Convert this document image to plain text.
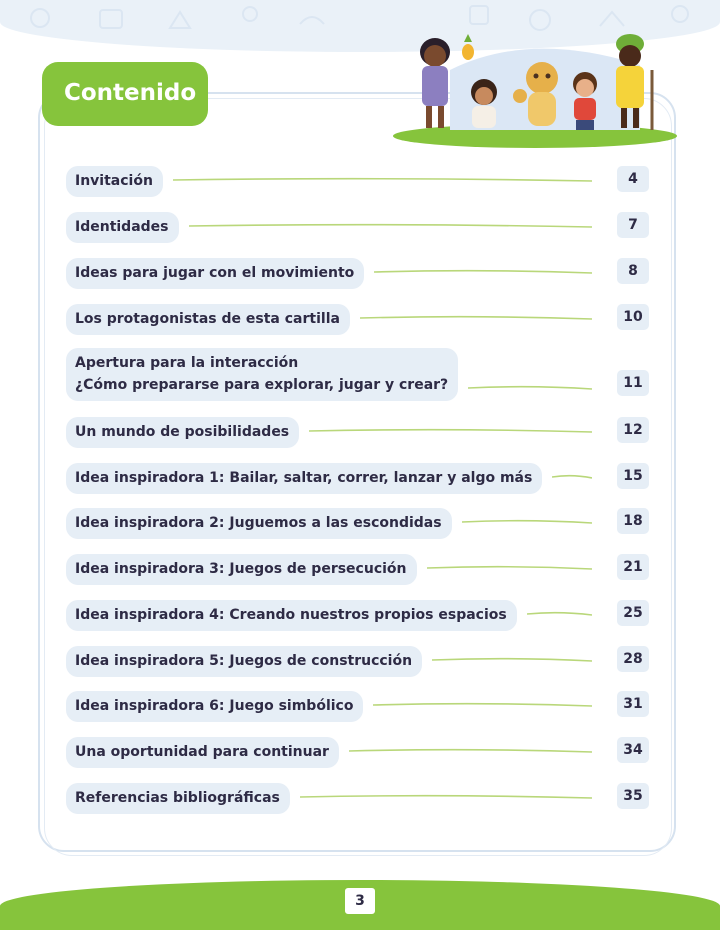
Contenido
Invitación	4
Identidades	7
Ideas para jugar con el movimiento	8
Los protagonistas de esta cartilla	10
Apertura para la interacción
¿Cómo prepararse para explorar, jugar y crear?	11
Un mundo de posibilidades	12
Idea inspiradora 1: Bailar, saltar, correr, lanzar y algo más	15
Idea inspiradora 2: Juguemos a las escondidas	18
Idea inspiradora 3: Juegos de persecución	21
Idea inspiradora 4: Creando nuestros propios espacios	25
Idea inspiradora 5: Juegos de construcción	28
Idea inspiradora 6: Juego simbólico	31
Una oportunidad para continuar	34
Referencias bibliográficas	35
3
